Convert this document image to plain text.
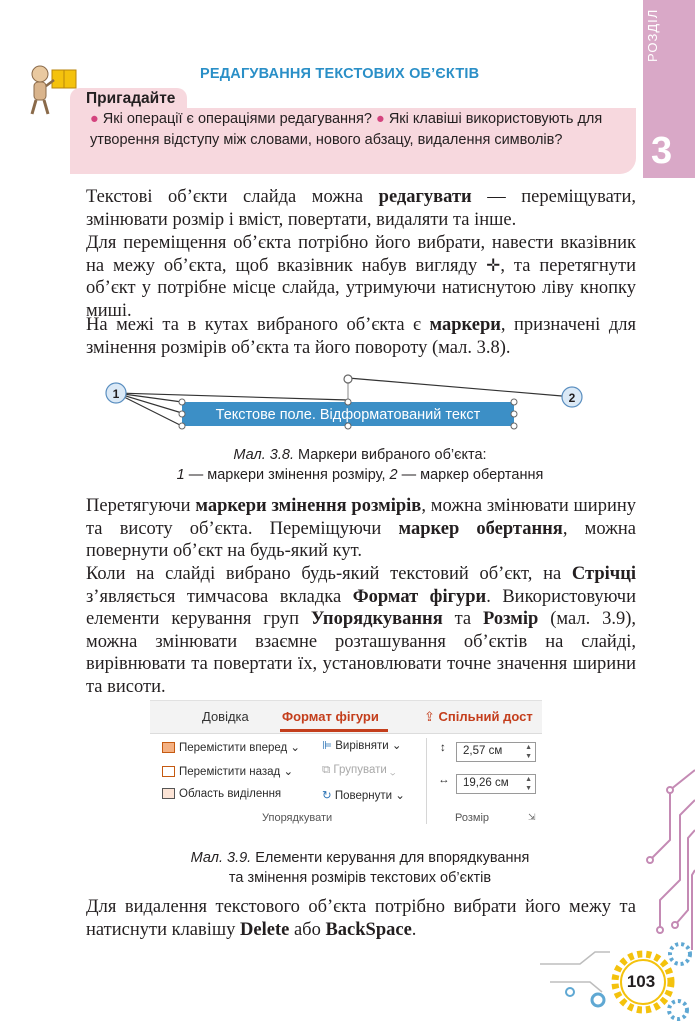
РОЗДІЛ
3
РЕДАГУВАННЯ ТЕКСТОВИХ ОБ’ЄКТІВ
Пригадайте
● Які операції є операціями редагування? ● Які клавіші використовують для утворення відступу між словами, нового абзацу, видалення символів?
Текстові об’єкти слайда можна редагувати — переміщувати, змінювати розмір і вміст, повертати, видаляти та інше.
Для переміщення об’єкта потрібно його вибрати, навести вказівник на межу об’єкта, щоб вказівник набув вигляду ✛, та перетягнути об’єкт у потрібне місце слайда, утримуючи натиснутою ліву кнопку миші.
На межі та в кутах вибраного об’єкта є маркери, призначені для змінення розмірів об’єкта та його повороту (мал. 3.8).
Текстове поле. Відформатований текст
1	2
Мал. 3.8. Маркери вибраного об’єкта:
1 — маркери змінення розміру, 2 — маркер обертання
Перетягуючи маркери змінення розмірів, можна змінювати ширину та висоту об’єкта. Переміщуючи маркер обертання, можна повернути об’єкт на будь-який кут.
Коли на слайді вибрано будь-який текстовий об’єкт, на Стрічці з’являється тимчасова вкладка Формат фігури. Використовуючи елементи керування груп Упорядкування та Розмір (мал. 3.9), можна змінювати взаємне розташування об’єктів на слайді, вирівнювати та повертати їх, установлювати точне значення ширини та висоти.
Довідка	Формат фігури	⇪ Спільний дост
Перемістити вперед ⌄
Перемістити назад ⌄
Область виділення
⊫ Вирівняти ⌄
⧉ Групувати ⌄
↻ Повернути ⌄
↕	2,57 см	▲
▼
↔	19,26 см ▲
▼
Упорядкувати	Розмір	⇲
Мал. 3.9. Елементи керування для впорядкування
та змінення розмірів текстових об’єктів
Для видалення текстового об’єкта потрібно вибрати його межу та натиснути клавішу Delete або BackSpace.
103
